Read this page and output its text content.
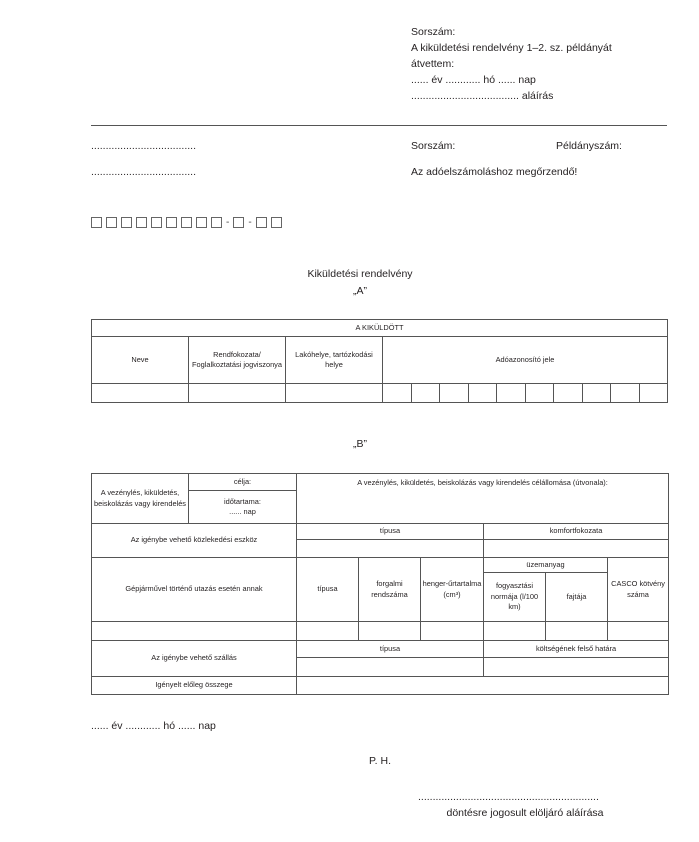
Sorszám:
A kiküldetési rendelvény 1–2. sz. példányát
átvettem:
...... év ............ hó ...... nap
..................................... aláírás
....................................
....................................
Sorszám:	Példányszám:
Az adóelszámoláshoz megőrzendő!
- -
Kiküldetési rendelvény
„A”
A KIKÜLDÖTT												
Neve	Rendfokozata/ Foglalkoztatási jogviszonya	Lakóhelye, tartózkodási helye	Adóazonosító jele									

„B”
A vezénylés, kiküldetés, beiskolázás vagy kirendelés	célja:	A vezénylés, kiküldetés, beiskolázás vagy kirendelés célállomása (útvonala):					

	időtartama:
...... nap						

Az igénybe vehető közlekedési eszköz		típusa			komfortfokozata		

Gépjárművel történő utazás esetén annak		típusa	forgalmi rendszáma	henger-űrtartalma (cm³)	üzemanyag		CASCO kötvény száma
					fogyasztási normája (l/100 km)	fajtája	

Az igénybe vehető szállás		típusa			költségének felső határa		

Igényelt előleg összege							
...... év ............ hó ...... nap
P. H.
..............................................................
döntésre jogosult elöljáró aláírása
